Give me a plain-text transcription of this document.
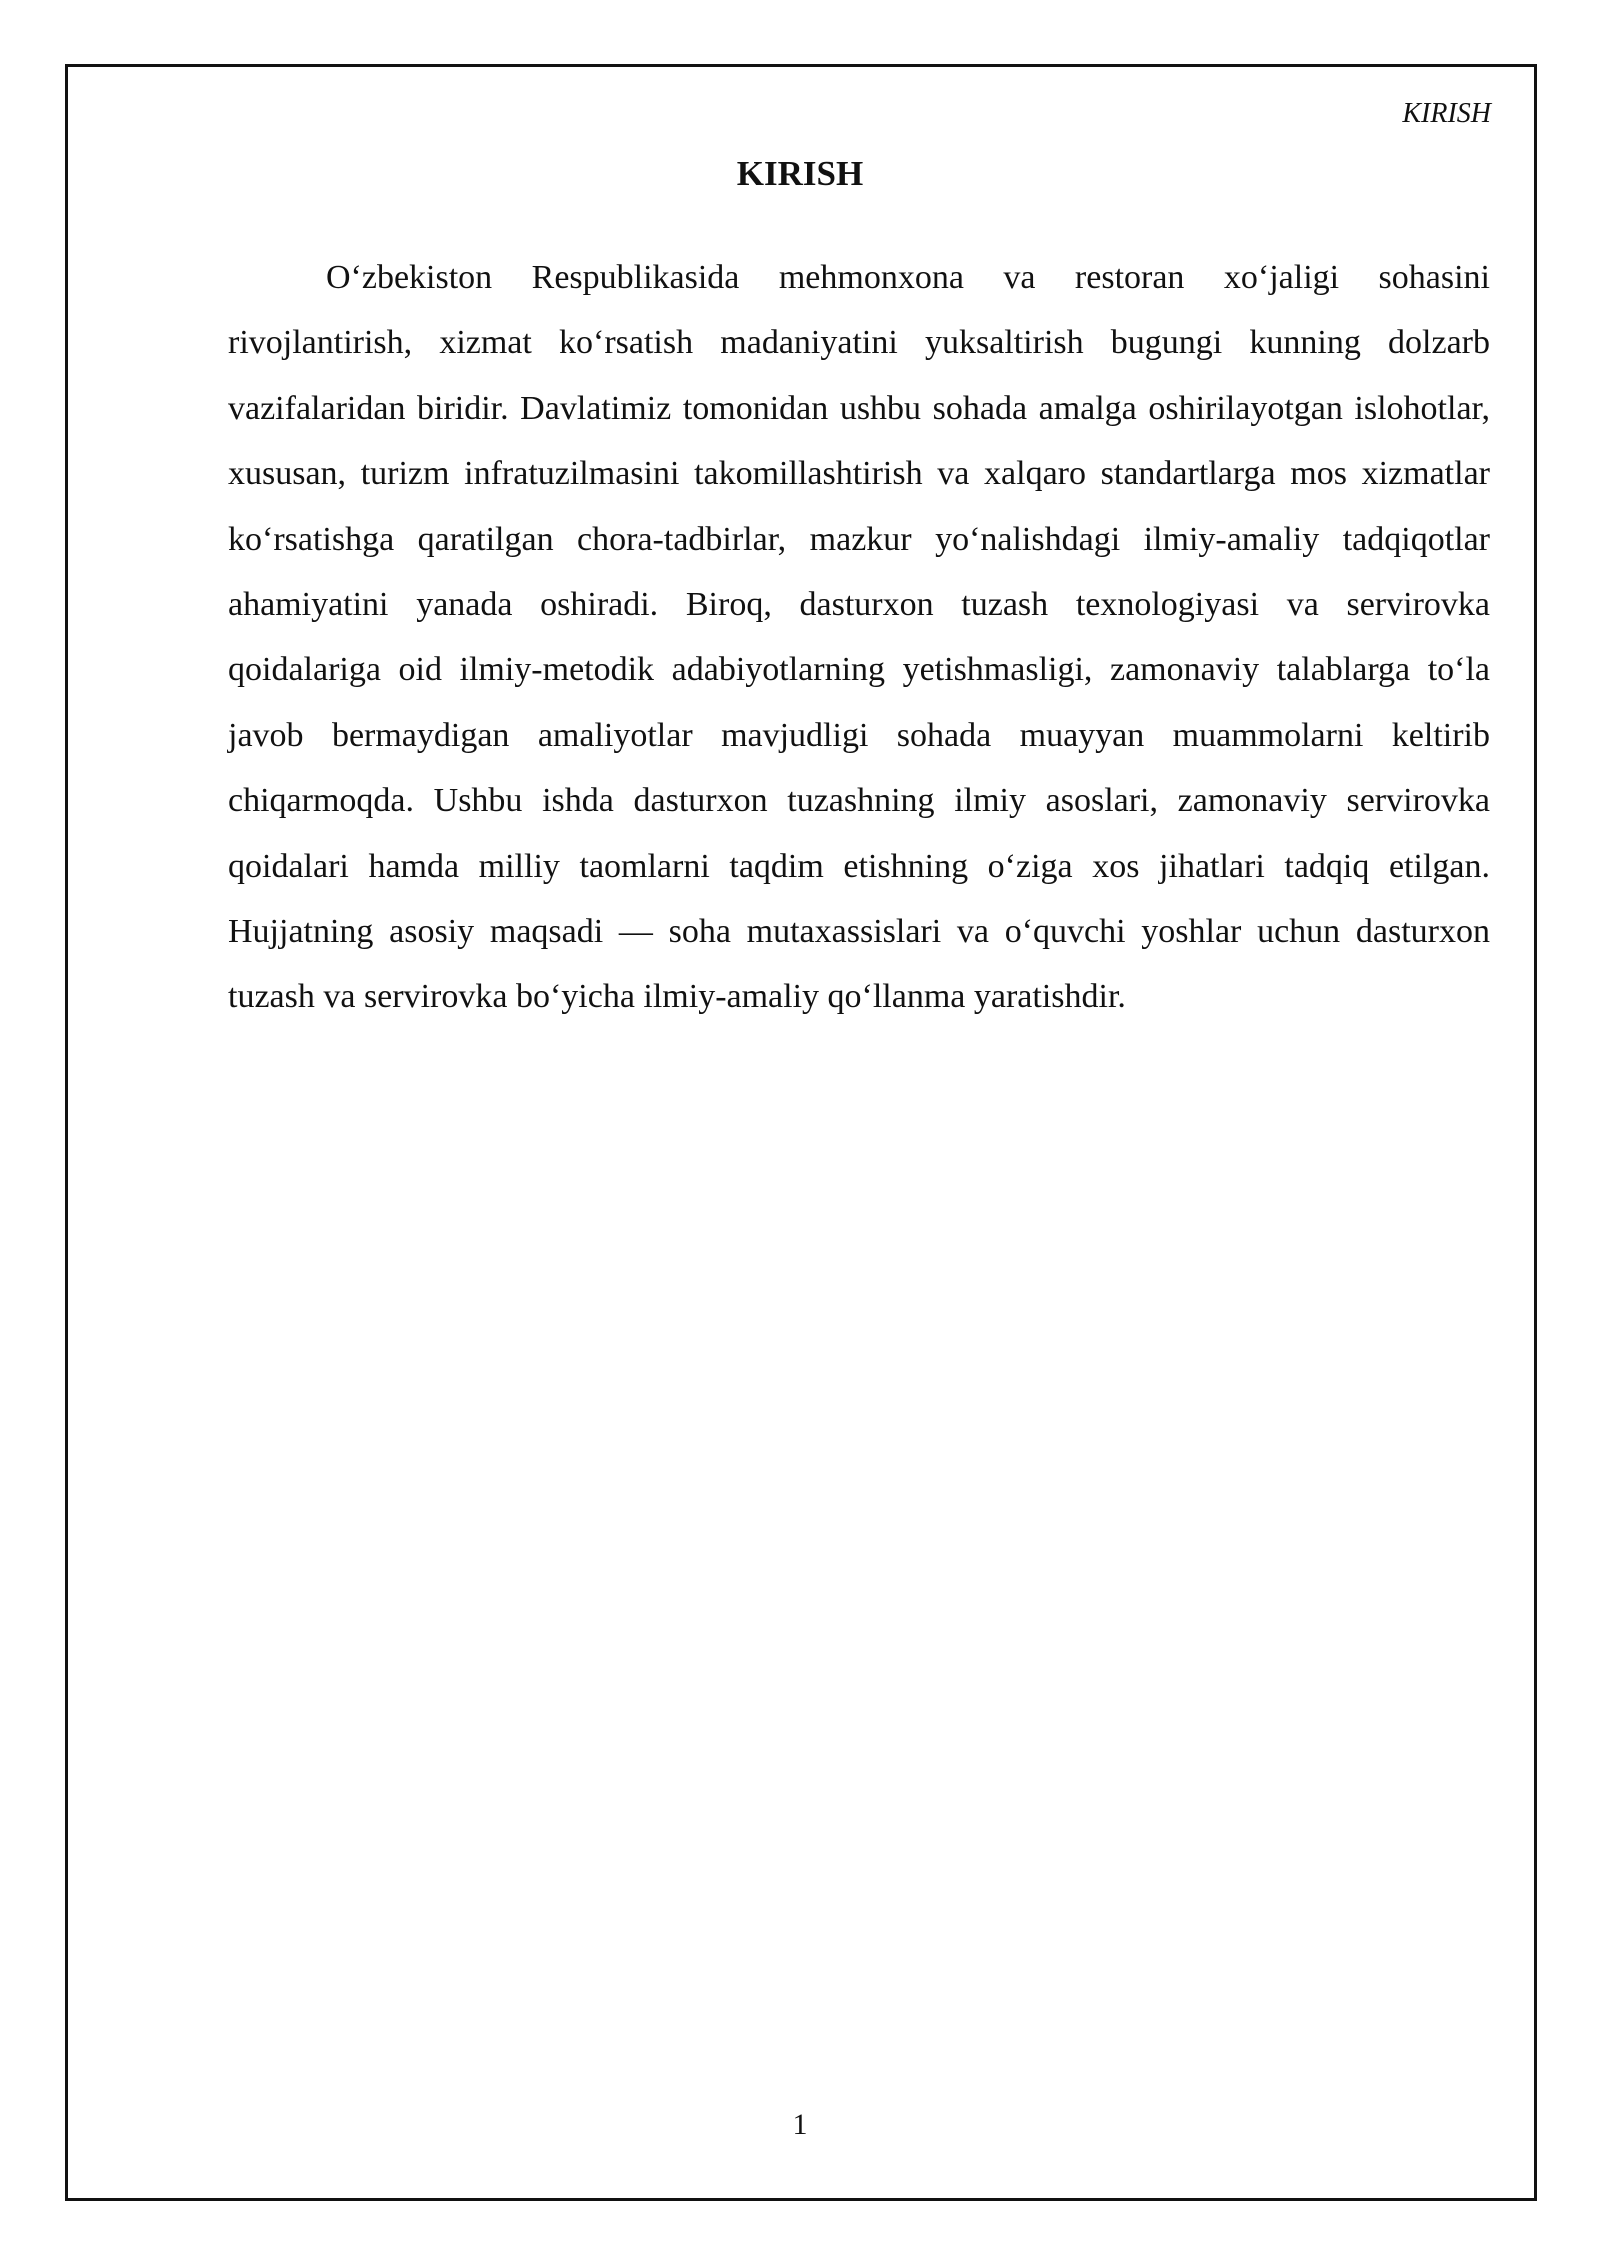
KIRISH
KIRISH

O‘zbekiston Respublikasida mehmonxona va restoran xo‘jaligi sohasini rivojlantirish, xizmat ko‘rsatish madaniyatini yuksaltirish bugungi kunning dolzarb vazifalaridan biridir. Davlatimiz tomonidan ushbu sohada amalga oshirilayotgan islohotlar, xususan, turizm infratuzilmasini takomillashtirish va xalqaro standartlarga mos xizmatlar ko‘rsatishga qaratilgan chora-tadbirlar, mazkur yo‘nalishdagi ilmiy-amaliy tadqiqotlar ahamiyatini yanada oshiradi. Biroq, dasturxon tuzash texnologiyasi va servirovka qoidalariga oid ilmiy-metodik adabiyotlarning yetishmasligi, zamonaviy talablarga to‘la javob bermaydigan amaliyotlar mavjudligi sohada muayyan muammolarni keltirib chiqarmoqda. Ushbu ishda dasturxon tuzashning ilmiy asoslari, zamonaviy servirovka qoidalari hamda milliy taomlarni taqdim etishning o‘ziga xos jihatlari tadqiq etilgan. Hujjatning asosiy maqsadi — soha mutaxassislari va o‘quvchi yoshlar uchun dasturxon tuzash va servirovka bo‘yicha ilmiy-amaliy qo‘llanma yaratishdir.

1
